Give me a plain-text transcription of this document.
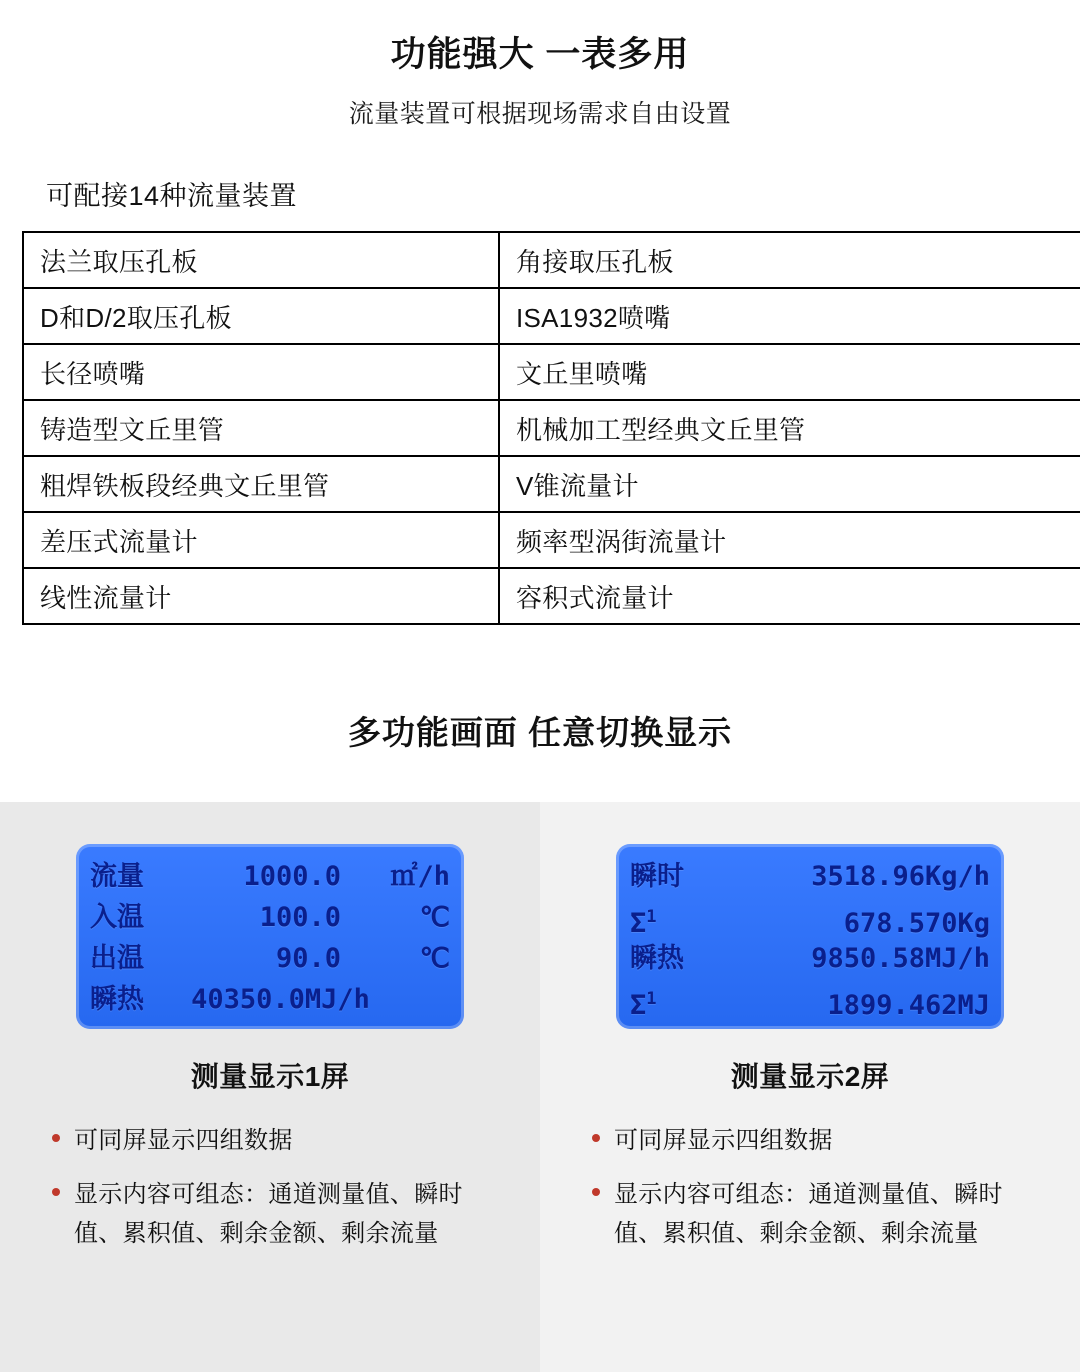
功能强大 一表多用
流量装置可根据现场需求自由设置
可配接14种流量装置
法兰取压孔板	角接取压孔板
D和D/2取压孔板	ISA1932喷嘴
长径喷嘴	文丘里喷嘴
铸造型文丘里管	机械加工型经典文丘里管
粗焊铁板段经典文丘里管	V锥流量计
差压式流量计	频率型涡街流量计
线性流量计	容积式流量计
多功能画面 任意切换显示
流量	1000.0	㎡/h
入温	100.0	℃
出温	90.0	℃
瞬热	40350.0MJ/h
测量显示1屏
可同屏显示四组数据
显示内容可组态：通道测量值、瞬时值、累积值、剩余金额、剩余流量
瞬时	3518.96Kg/h
$\Sigma^1$	678.570Kg
瞬热	9850.58MJ/h
$\Sigma^1$	1899.462MJ
测量显示2屏
可同屏显示四组数据
显示内容可组态：通道测量值、瞬时值、累积值、剩余金额、剩余流量
